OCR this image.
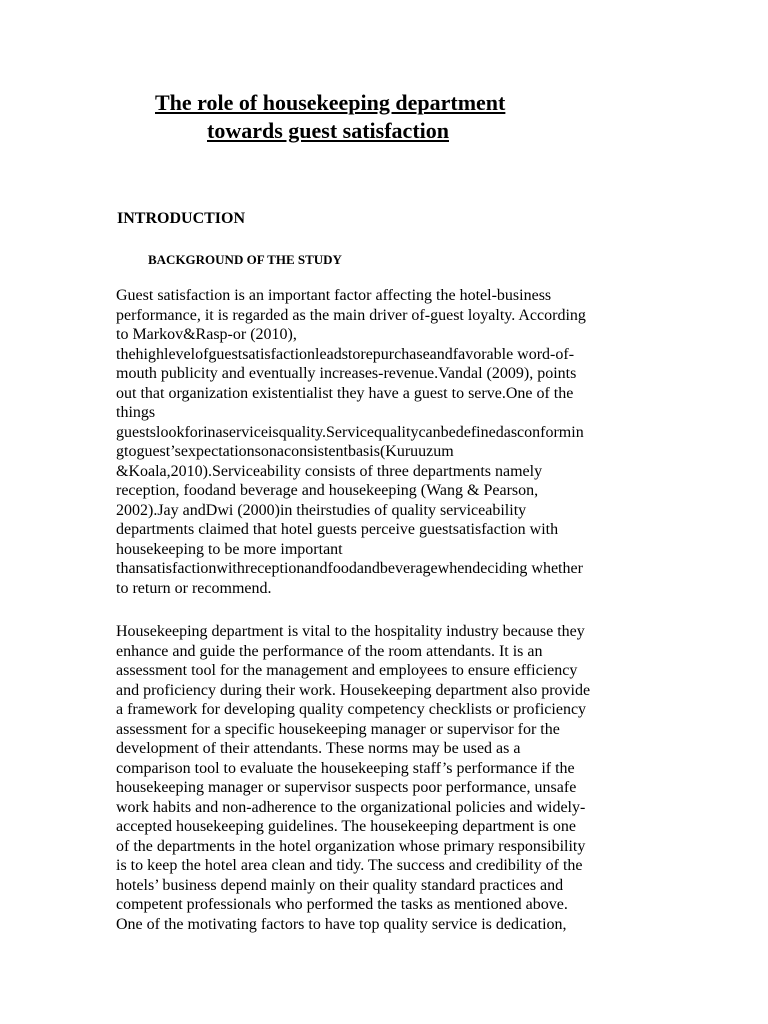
The role of housekeeping department
towards guest satisfaction
INTRODUCTION
BACKGROUND OF THE STUDY
Guest satisfaction is an important factor affecting the hotel-business
performance, it is regarded as the main driver of-guest loyalty. According
to Markov&Rasp-or (2010),
thehighlevelofguestsatisfactionleadstorepurchaseandfavorable word-of-
mouth publicity and eventually increases-revenue.Vandal (2009), points
out that organization existentialist they have a guest to serve.One of the
things
guestslookforinaserviceisquality.Servicequalitycanbedefinedasconformin
gtoguest’sexpectationsonaconsistentbasis(Kuruuzum
&Koala,2010).Serviceability consists of three departments namely
reception, foodand beverage and housekeeping (Wang & Pearson,
2002).Jay andDwi (2000)in theirstudies of quality serviceability
departments claimed that hotel guests perceive guestsatisfaction with
housekeeping to be more important
thansatisfactionwithreceptionandfoodandbeveragewhendeciding whether
to return or recommend.
Housekeeping department is vital to the hospitality industry because they
enhance and guide the performance of the room attendants. It is an
assessment tool for the management and employees to ensure efficiency
and proficiency during their work. Housekeeping department also provide
a framework for developing quality competency checklists or proficiency
assessment for a specific housekeeping manager or supervisor for the
development of their attendants. These norms may be used as a
comparison tool to evaluate the housekeeping staff’s performance if the
housekeeping manager or supervisor suspects poor performance, unsafe
work habits and non-adherence to the organizational policies and widely-
accepted housekeeping guidelines. The housekeeping department is one
of the departments in the hotel organization whose primary responsibility
is to keep the hotel area clean and tidy. The success and credibility of the
hotels’ business depend mainly on their quality standard practices and
competent professionals who performed the tasks as mentioned above.
One of the motivating factors to have top quality service is dedication,
